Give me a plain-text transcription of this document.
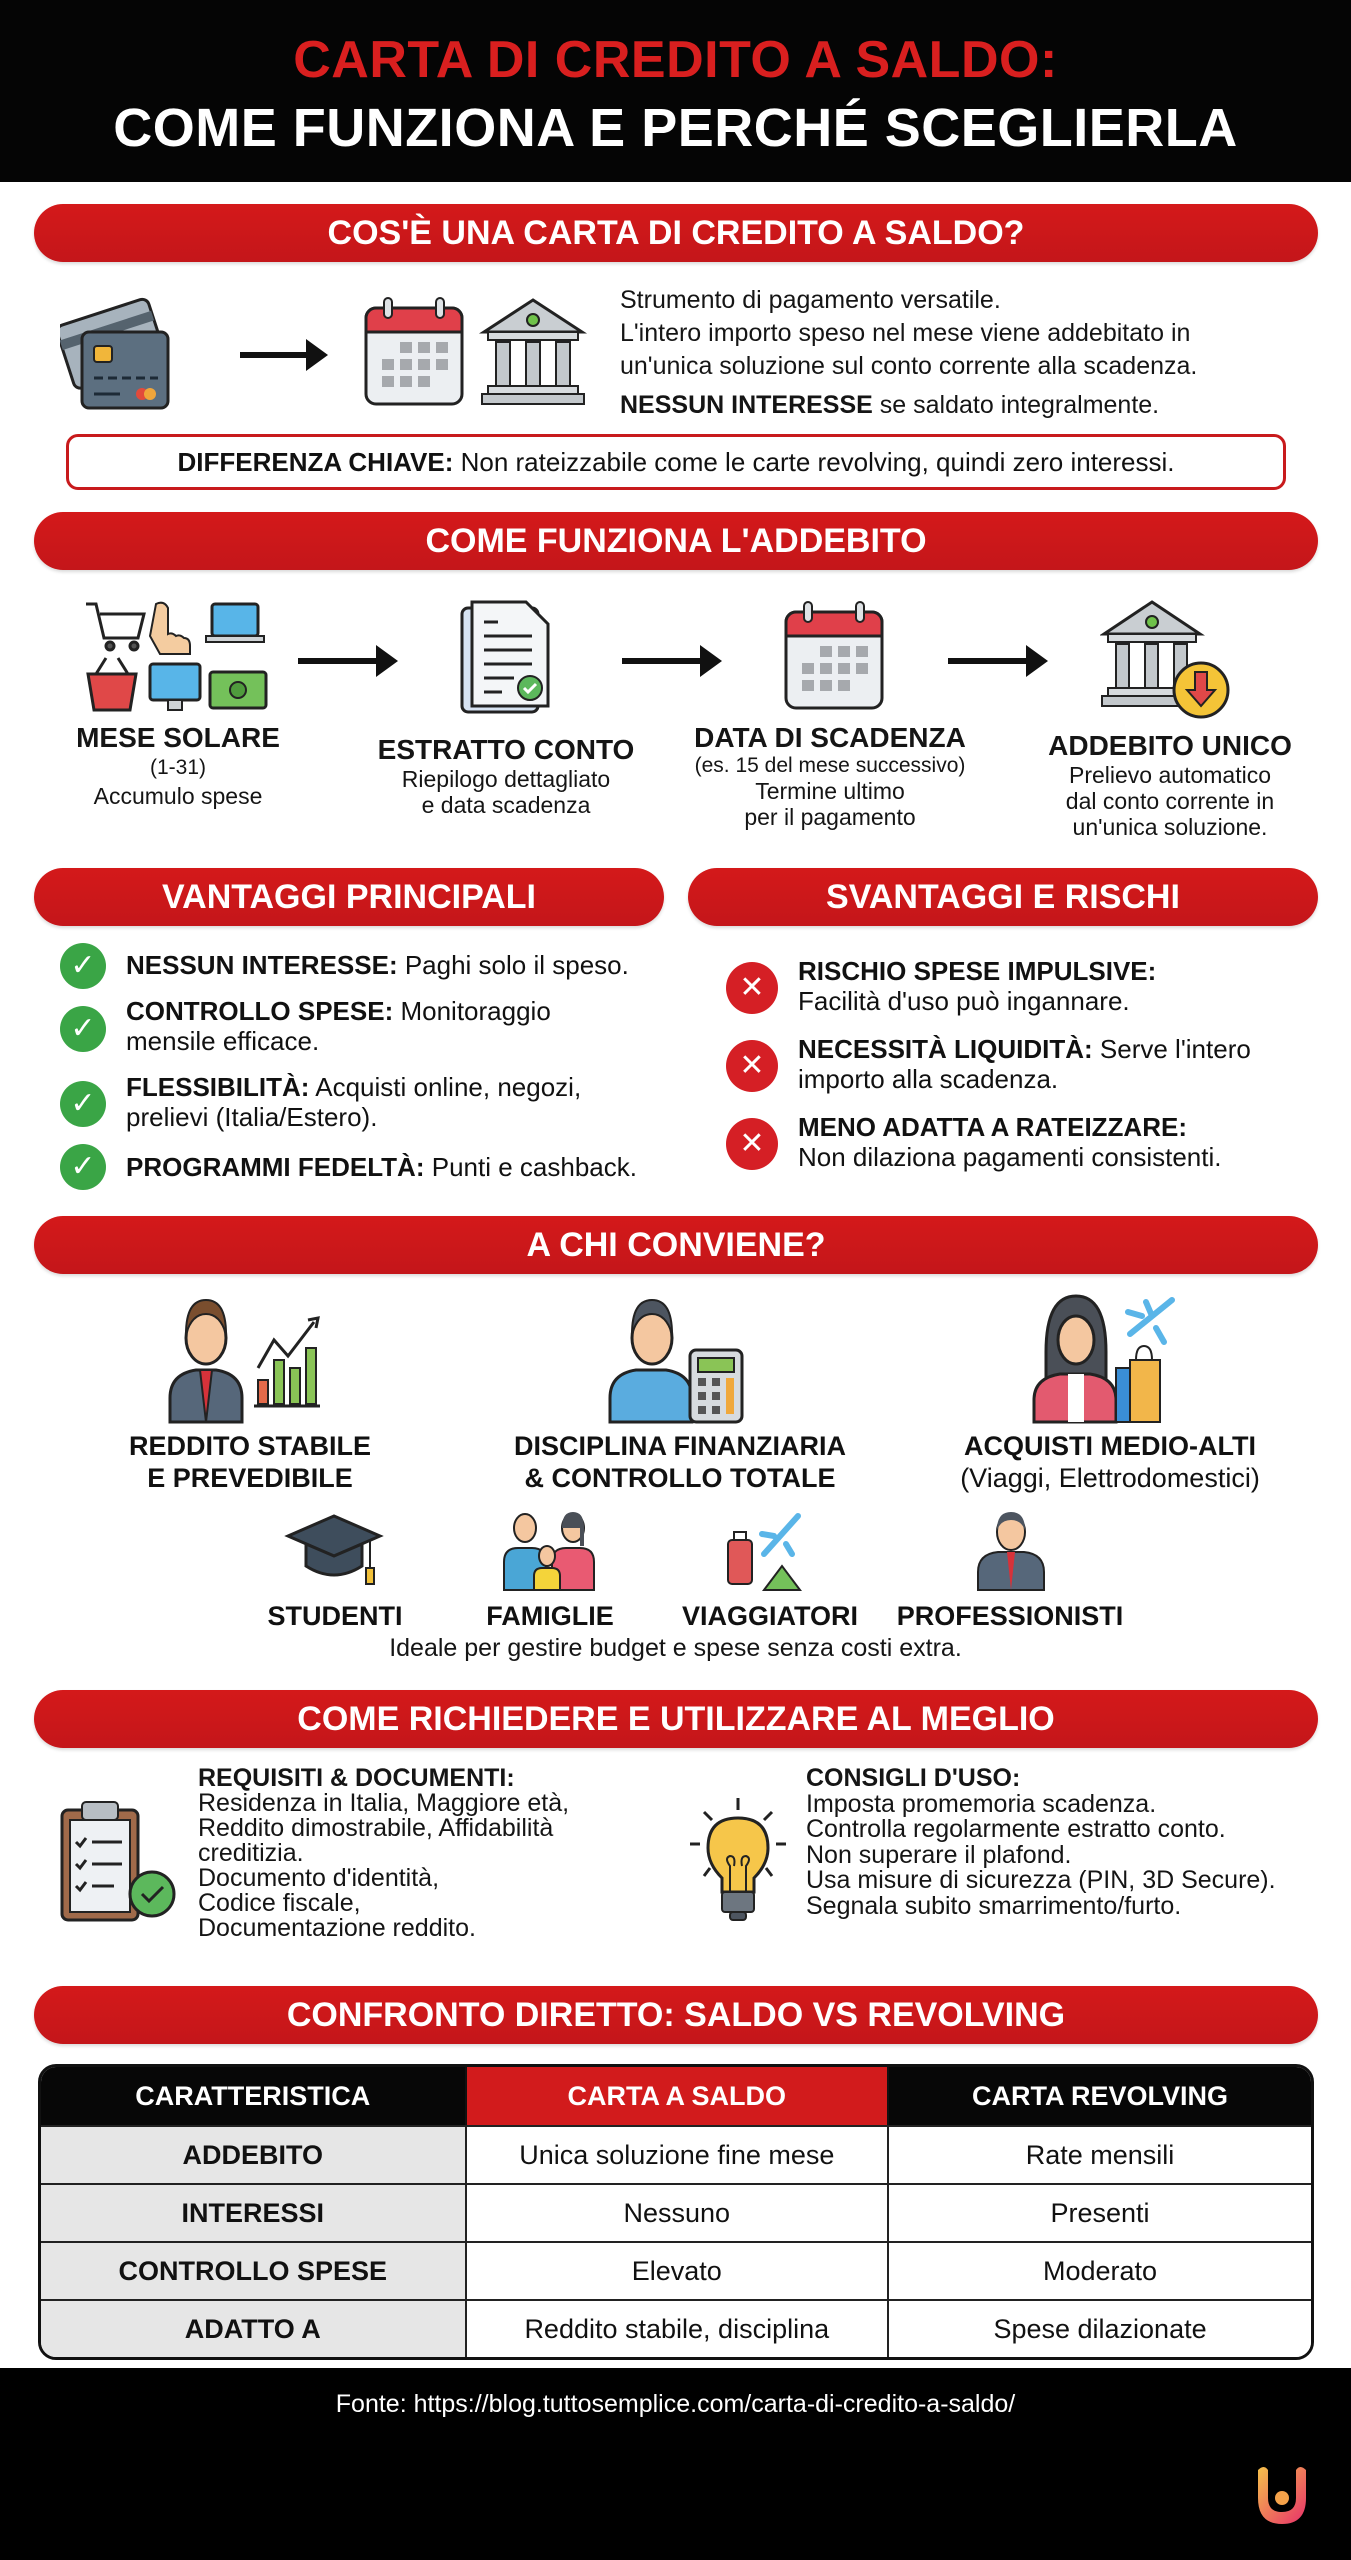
CARTA DI CREDITO A SALDO:
COME FUNZIONA E PERCHÉ SCEGLIERLA
COS'È UNA CARTA DI CREDITO A SALDO?
Strumento di pagamento versatile.
L'intero importo speso nel mese viene addebitato in
un'unica soluzione sul conto corrente alla scadenza.
NESSUN INTERESSE se saldato integralmente.
DIFFERENZA CHIAVE: Non rateizzabile come le carte revolving, quindi zero interessi.
COME FUNZIONA L'ADDEBITO
MESE SOLARE
(1-31)
Accumulo spese
ESTRATTO CONTO
Riepilogo dettagliato
e data scadenza
DATA DI SCADENZA
(es. 15 del mese successivo)
Termine ultimo
per il pagamento
ADDEBITO UNICO
Prelievo automatico
dal conto corrente in
un'unica soluzione.
VANTAGGI PRINCIPALI	SVANTAGGI E RISCHI
✓	NESSUN INTERESSE: Paghi solo il speso.
✓
CONTROLLO SPESE: Monitoraggio
mensile efficace.
✓	FLESSIBILITÀ: Acquisti online, negozi,
prelievi (Italia/Estero).
✓	PROGRAMMI FEDELTÀ: Punti e cashback.
✕	RISCHIO SPESE IMPULSIVE:
Facilità d'uso può ingannare.
✕	NECESSITÀ LIQUIDITÀ: Serve l'intero
importo alla scadenza.
✕	MENO ADATTA A RATEIZZARE:
Non dilaziona pagamenti consistenti.
A CHI CONVIENE?
REDDITO STABILE
E PREVEDIBILE
DISCIPLINA FINANZIARIA
& CONTROLLO TOTALE
ACQUISTI MEDIO-ALTI
(Viaggi, Elettrodomestici)
STUDENTI	FAMIGLIE	VIAGGIATORI	PROFESSIONISTI
Ideale per gestire budget e spese senza costi extra.
COME RICHIEDERE E UTILIZZARE AL MEGLIO
REQUISITI & DOCUMENTI:
Residenza in Italia, Maggiore età,
Reddito dimostrabile, Affidabilità
creditizia.
Documento d'identità,
Codice fiscale,
Documentazione reddito.
CONSIGLI D'USO:
Imposta promemoria scadenza.
Controlla regolarmente estratto conto.
Non superare il plafond.
Usa misure di sicurezza (PIN, 3D Secure).
Segnala subito smarrimento/furto.
CONFRONTO DIRETTO: SALDO VS REVOLVING
CARATTERISTICA	CARTA A SALDO	CARTA REVOLVING
ADDEBITO	Unica soluzione fine mese	Rate mensili
INTERESSI	Nessuno	Presenti
CONTROLLO SPESE	Elevato	Moderato
ADATTO A	Reddito stabile, disciplina	Spese dilazionate
Fonte: https://blog.tuttosemplice.com/carta-di-credito-a-saldo/
